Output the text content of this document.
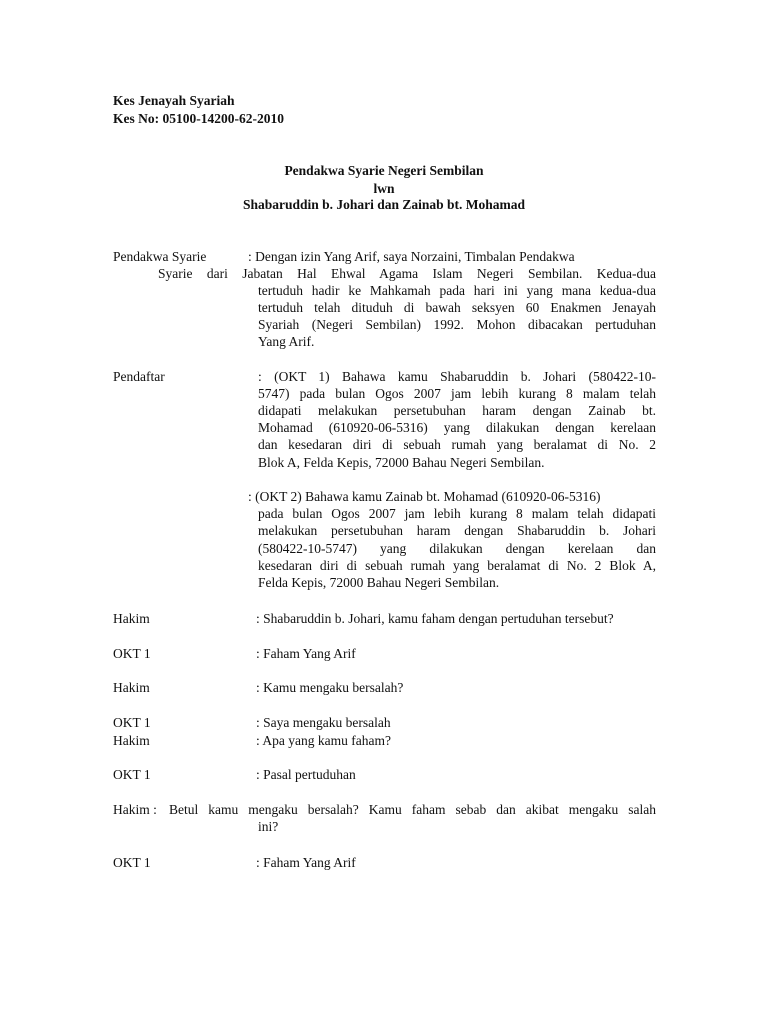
Kes Jenayah Syariah
Kes No: 05100-14200-62-2010
Pendakwa Syarie Negeri Sembilan
lwn
Shabaruddin b. Johari dan Zainab bt. Mohamad
Pendakwa Syarie	: Dengan izin Yang Arif, saya Norzaini, Timbalan Pendakwa
Syarie dari Jabatan Hal Ehwal Agama Islam Negeri Sembilan. Kedua-dua
tertuduh hadir ke Mahkamah pada hari ini yang mana kedua-dua
tertuduh telah dituduh di bawah seksyen 60 Enakmen Jenayah
Syariah (Negeri Sembilan) 1992. Mohon dibacakan pertuduhan
Yang Arif.
Pendaftar	: (OKT 1) Bahawa kamu Shabaruddin b. Johari (580422-10-
5747) pada bulan Ogos 2007 jam lebih kurang 8 malam telah
didapati melakukan persetubuhan haram dengan Zainab bt.
Mohamad (610920-06-5316) yang dilakukan dengan kerelaan
dan kesedaran diri di sebuah rumah yang beralamat di No. 2
Blok A, Felda Kepis, 72000 Bahau Negeri Sembilan.
: (OKT 2) Bahawa kamu Zainab bt. Mohamad (610920-06-5316)
pada bulan Ogos 2007 jam lebih kurang 8 malam telah didapati
melakukan persetubuhan haram dengan Shabaruddin b. Johari
(580422-10-5747) yang dilakukan dengan kerelaan dan
kesedaran diri di sebuah rumah yang beralamat di No. 2 Blok A,
Felda Kepis, 72000 Bahau Negeri Sembilan.
Hakim	: Shabaruddin b. Johari, kamu faham dengan pertuduhan tersebut?
OKT 1	: Faham Yang Arif
Hakim	: Kamu mengaku bersalah?
OKT 1	: Saya mengaku bersalah
Hakim	: Apa yang kamu faham?
OKT 1	: Pasal pertuduhan
Hakim : Betul kamu mengaku bersalah? Kamu faham sebab dan akibat mengaku salah
ini?
OKT 1	: Faham Yang Arif
